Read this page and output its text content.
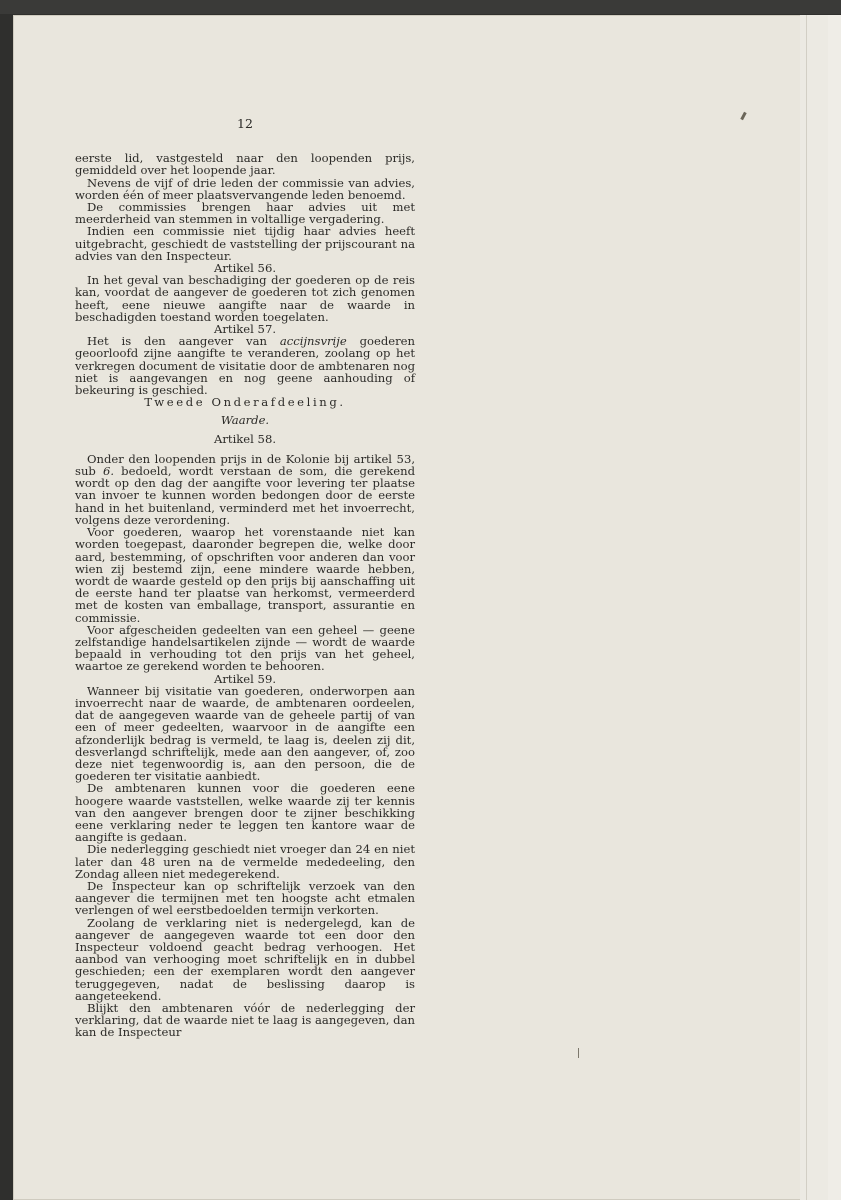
12

eerste lid, vastgesteld naar den loopenden prijs, gemiddeld over het loopende jaar.

Nevens de vijf of drie leden der commissie van advies, worden één of meer plaatsvervangende leden benoemd.

De commissies brengen haar advies uit met meerderheid van stemmen in voltallige vergadering.

Indien een commissie niet tijdig haar advies heeft uitgebracht, geschiedt de vaststelling der prijscourant na advies van den Inspecteur.

Artikel 56.

In het geval van beschadiging der goederen op de reis kan, voordat de aangever de goederen tot zich genomen heeft, eene nieuwe aangifte naar de waarde in beschadigden toestand worden toegelaten.

Artikel 57.

Het is den aangever van accijnsvrije goederen geoorloofd zijne aangifte te veranderen, zoolang op het verkregen document de visitatie door de ambtenaren nog niet is aangevangen en nog geene aanhouding of bekeuring is geschied.

Tweede Onderafdeeling.

Waarde.

Artikel 58.

Onder den loopenden prijs in de Kolonie bij artikel 53, sub 6. bedoeld, wordt verstaan de som, die gerekend wordt op den dag der aangifte voor levering ter plaatse van invoer te kunnen worden bedongen door de eerste hand in het buitenland, verminderd met het invoerrecht, volgens deze verordening.

Voor goederen, waarop het vorenstaande niet kan worden toegepast, daaronder begrepen die, welke door aard, bestemming, of opschriften voor anderen dan voor wien zij bestemd zijn, eene mindere waarde hebben, wordt de waarde gesteld op den prijs bij aanschaffing uit de eerste hand ter plaatse van herkomst, vermeerderd met de kosten van emballage, transport, assurantie en commissie.

Voor afgescheiden gedeelten van een geheel — geene zelfstandige handelsartikelen zijnde — wordt de waarde bepaald in verhouding tot den prijs van het geheel, waartoe ze gerekend worden te behooren.

Artikel 59.

Wanneer bij visitatie van goederen, onderworpen aan invoerrecht naar de waarde, de ambtenaren oordeelen, dat de aangegeven waarde van de geheele partij of van een of meer gedeelten, waarvoor in de aangifte een afzonderlijk bedrag is vermeld, te laag is, deelen zij dit, desverlangd schriftelijk, mede aan den aangever, of, zoo deze niet tegenwoordig is, aan den persoon, die de goederen ter visitatie aanbiedt.

De ambtenaren kunnen voor die goederen eene hoogere waarde vaststellen, welke waarde zij ter kennis van den aangever brengen door te zijner beschikking eene verklaring neder te leggen ten kantore waar de aangifte is gedaan.

Die nederlegging geschiedt niet vroeger dan 24 en niet later dan 48 uren na de vermelde mededeeling, den Zondag alleen niet medegerekend.

De Inspecteur kan op schriftelijk verzoek van den aangever die termijnen met ten hoogste acht etmalen verlengen of wel eerstbedoelden termijn verkorten.

Zoolang de verklaring niet is nedergelegd, kan de aangever de aangegeven waarde tot een door den Inspecteur voldoend geacht bedrag verhoogen. Het aanbod van verhooging moet schriftelijk en in dubbel geschieden; een der exemplaren wordt den aangever teruggegeven, nadat de beslissing daarop is aangeteekend.

Blijkt den ambtenaren vóór de nederlegging der verklaring, dat de waarde niet te laag is aangegeven, dan kan de Inspecteur
